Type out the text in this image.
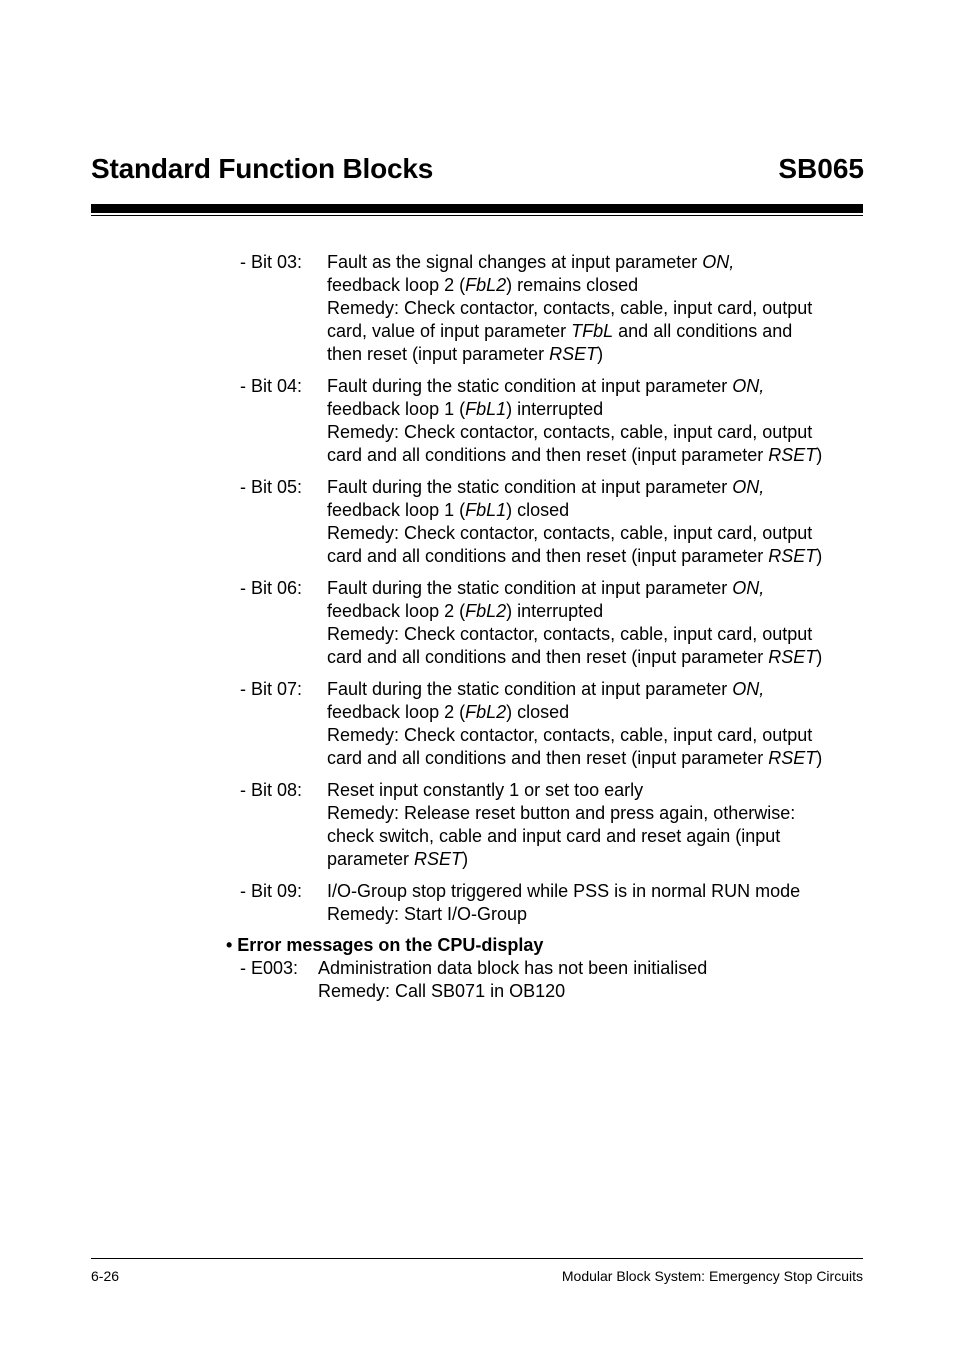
Standard Function Blocks	SB065
- Bit 03: Fault as the signal changes at input parameter ON,
feedback loop 2 (FbL2) remains closed
Remedy: Check contactor, contacts, cable, input card, output
card, value of input parameter TFbL and all conditions and
then reset (input parameter RSET)
- Bit 04: Fault during the static condition at input parameter ON,
feedback loop 1 (FbL1) interrupted
Remedy: Check contactor, contacts, cable, input card, output
card and all conditions and then reset (input parameter RSET)
- Bit 05: Fault during the static condition at input parameter ON,
feedback loop 1 (FbL1) closed
Remedy: Check contactor, contacts, cable, input card, output
card and all conditions and then reset (input parameter RSET)
- Bit 06: Fault during the static condition at input parameter ON,
feedback loop 2 (FbL2) interrupted
Remedy: Check contactor, contacts, cable, input card, output
card and all conditions and then reset (input parameter RSET)
- Bit 07: Fault during the static condition at input parameter ON,
feedback loop 2 (FbL2) closed
Remedy: Check contactor, contacts, cable, input card, output
card and all conditions and then reset (input parameter RSET)
- Bit 08: Reset input constantly 1 or set too early
Remedy: Release reset button and press again, otherwise:
check switch, cable and input card and reset again (input
parameter RSET)
- Bit 09: I/O-Group stop triggered while PSS is in normal RUN mode
Remedy: Start I/O-Group
• Error messages on the CPU-display
- E003: Administration data block has not been initialised
Remedy: Call SB071 in OB120
6-26	Modular Block System: Emergency Stop Circuits
